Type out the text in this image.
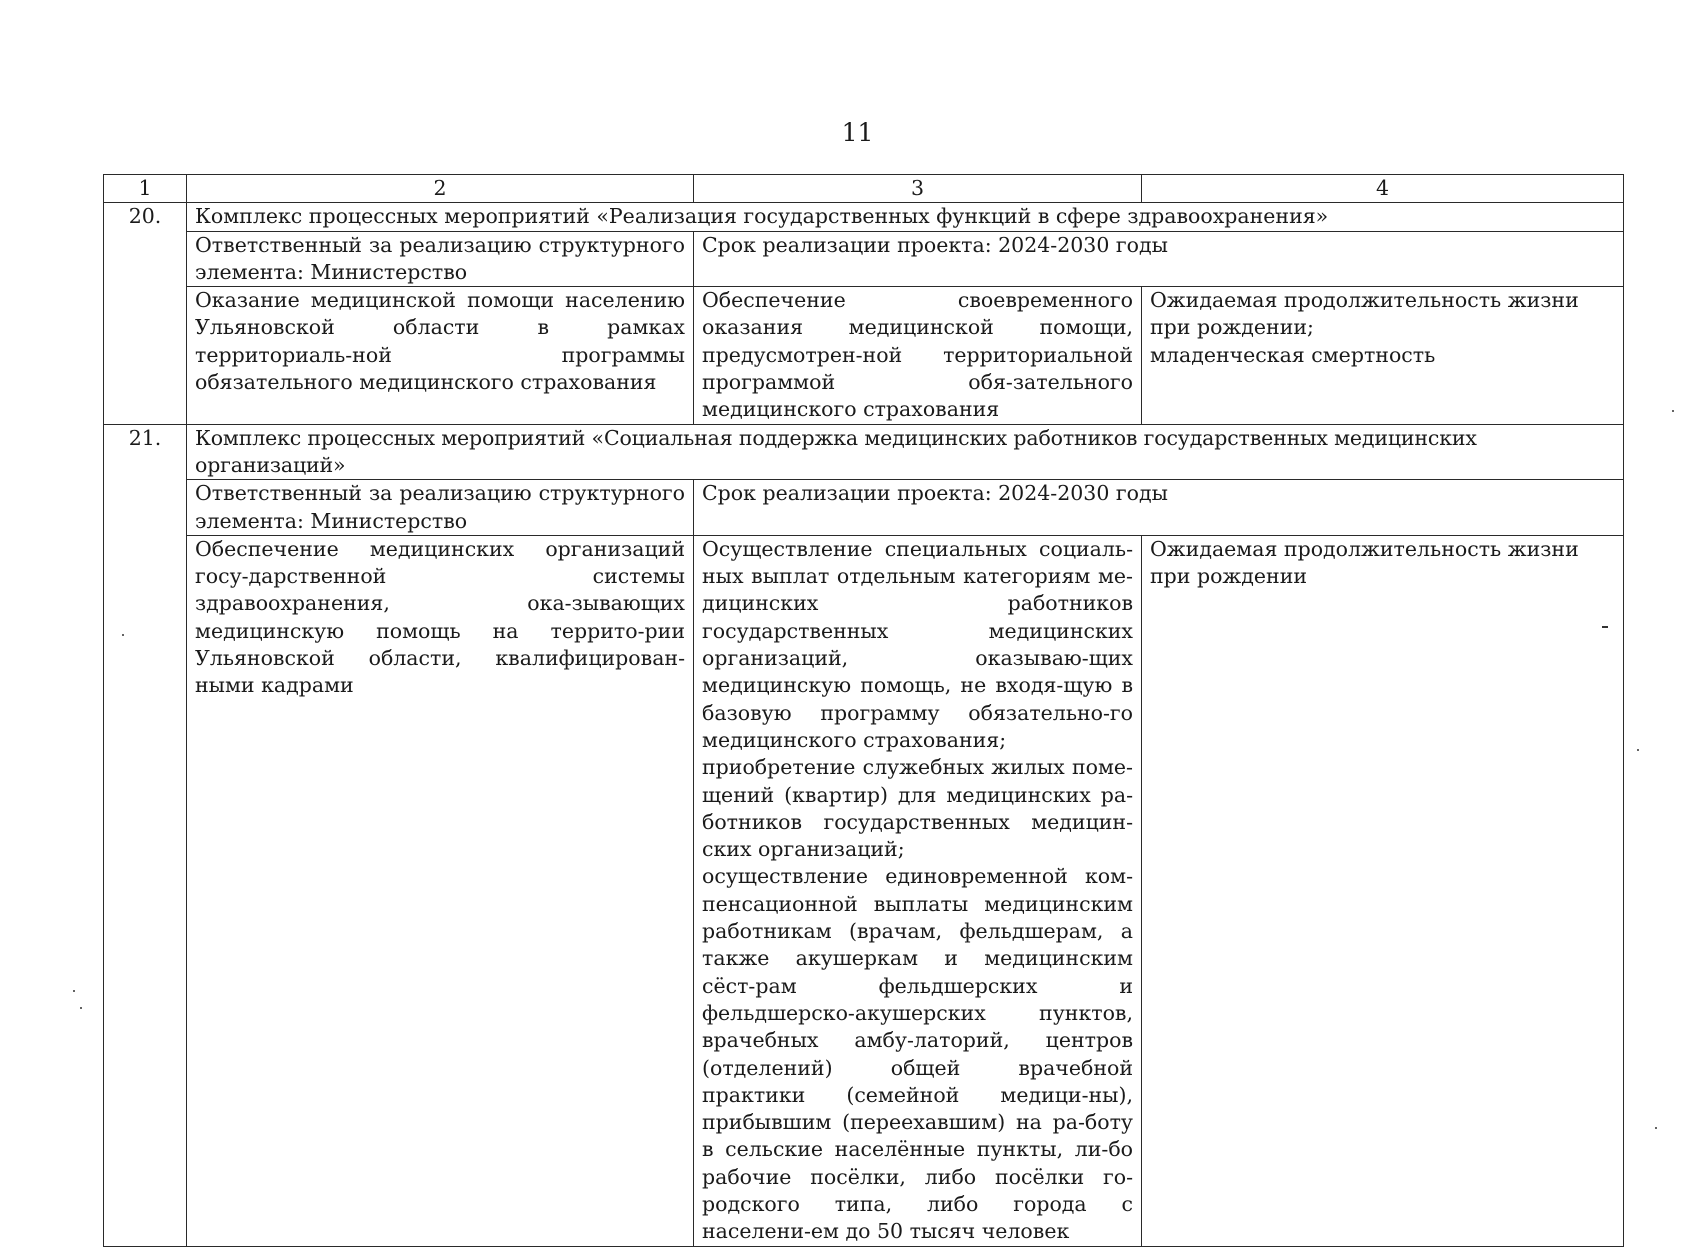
11
1	2	3	4
20.	Комплекс процессных мероприятий «Реализация государственных функций в сфере здравоохранения»		
	Ответственный за реализацию структурного элемента: Министерство	Срок реализации проекта: 2024-2030 годы	
	Оказание медицинской помощи населению Ульяновской области в рамках территориаль-ной программы обязательного медицинского страхования	Обеспечение своевременного оказания медицинской помощи, предусмотрен-ной территориальной программой обя-зательного медицинского страхования	Ожидаемая продолжительность жизни при рождении;
младенческая смертность

21.	Комплекс процессных мероприятий «Социальная поддержка медицинских работников государственных медицинских организаций»		
	Ответственный за реализацию структурного элемента: Министерство	Срок реализации проекта: 2024-2030 годы	
	Обеспечение медицинских организаций госу-дарственной системы здравоохранения, ока-зывающих медицинскую помощь на террито-рии Ульяновской области, квалифицирован-ными кадрами	Осуществление специальных социаль-ных выплат отдельным категориям ме-дицинских работников государственных медицинских организаций, оказываю-щих медицинскую помощь, не входя-щую в базовую программу обязательно-го медицинского страхования;
приобретение служебных жилых поме-щений (квартир) для медицинских ра-ботников государственных медицин-ских организаций;
осуществление единовременной ком-пенсационной выплаты медицинским работникам (врачам, фельдшерам, а также акушеркам и медицинским сёст-рам фельдшерских и фельдшерско-акушерских пунктов, врачебных амбу-латорий, центров (отделений) общей врачебной практики (семейной медици-ны), прибывшим (переехавшим) на ра-боту в сельские населённые пункты, ли-бо рабочие посёлки, либо посёлки го-родского типа, либо города с населени-ем до 50 тысяч человек	Ожидаемая продолжительность жизни при рождении
